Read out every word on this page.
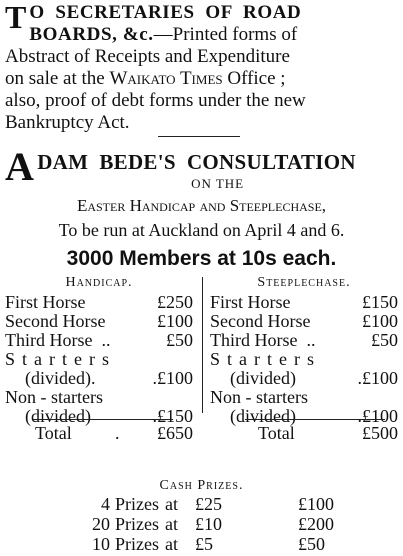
T O  SECRETARIES  OF  ROAD
BOARDS, &c.—Printed forms of
Abstract of Receipts and Expenditure
on sale at the Waikato Times Office ;
also, proof of debt forms under the new
Bankruptcy Act.
A DAM  BEDE'S  CONSULTATION
ON THE
Easter Handicap and Steeplechase,
To be run at Auckland on April 4 and 6.
3000 Members at 10s each.
Handicap.
First Horse	£250
Second Horse	£100
Third Horse  ..	£50
Starters
(divided).	.£100
Non - starters
(divided)	.£150
Total . £650
Steeplechase.
First Horse	£150
Second Horse	£100
Third Horse  ..	£50
Starters
(divided)	.£100
Non - starters
(divided)	.£100
Total	£500
Cash Prizes.
4 Prizes at £25	£100
20 Prizes at £10	£200
10 Prizes at £5	£50
